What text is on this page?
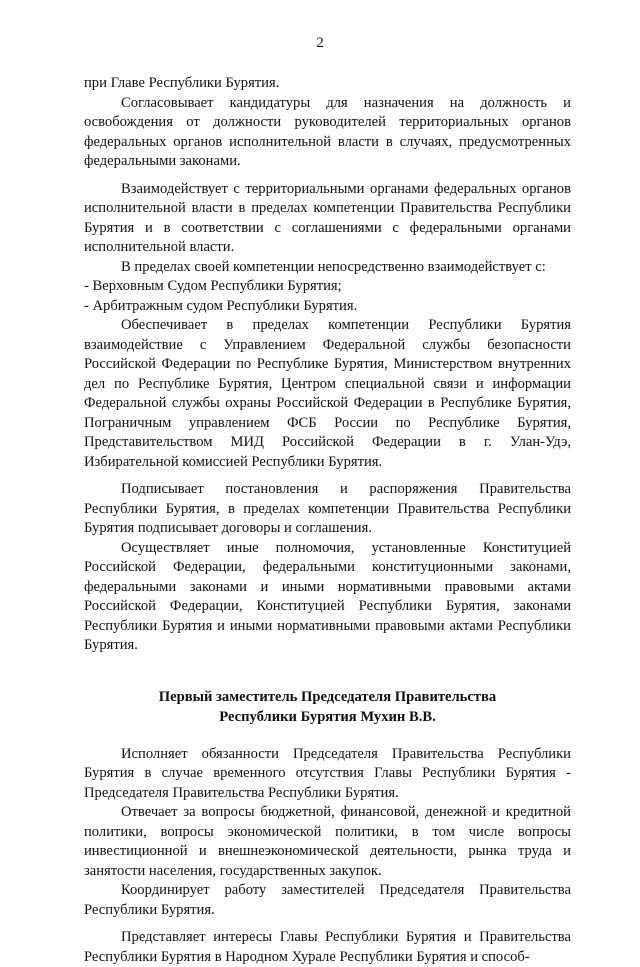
2

при Главе Республики Бурятия.

Согласовывает кандидатуры для назначения на должность и освобождения от должности руководителей территориальных органов федеральных органов исполнительной власти в случаях, предусмотренных федеральными законами.

Взаимодействует с территориальными органами федеральных органов исполнительной власти в пределах компетенции Правительства Республики Бурятия и в соответствии с соглашениями с федеральными органами исполнительной власти.

В пределах своей компетенции непосредственно взаимодействует с:

- Верховным Судом Республики Бурятия;

- Арбитражным судом Республики Бурятия.

Обеспечивает в пределах компетенции Республики Бурятия взаимодействие с Управлением Федеральной службы безопасности Российской Федерации по Республике Бурятия, Министерством внутренних дел по Республике Бурятия, Центром специальной связи и информации Федеральной службы охраны Российской Федерации в Республике Бурятия, Пограничным управлением ФСБ России по Республике Бурятия, Представительством МИД Российской Федерации в г. Улан-Удэ, Избирательной комиссией Республики Бурятия.

Подписывает постановления и распоряжения Правительства Республики Бурятия, в пределах компетенции Правительства Республики Бурятия подписывает договоры и соглашения.

Осуществляет иные полномочия, установленные Конституцией Российской Федерации, федеральными конституционными законами, федеральными законами и иными нормативными правовыми актами Российской Федерации, Конституцией Республики Бурятия, законами Республики Бурятия и иными нормативными правовыми актами Республики Бурятия.

Первый заместитель Председателя Правительства
Республики Бурятия Мухин В.В.

Исполняет обязанности Председателя Правительства Республики Бурятия в случае временного отсутствия Главы Республики Бурятия - Председателя Правительства Республики Бурятия.

Отвечает за вопросы бюджетной, финансовой, денежной и кредитной политики, вопросы экономической политики, в том числе вопросы инвестиционной и внешнеэкономической деятельности, рынка труда и занятости населения, государственных закупок.

Координирует работу заместителей Председателя Правительства Республики Бурятия.

Представляет интересы Главы Республики Бурятия и Правительства Республики Бурятия в Народном Хурале Республики Бурятия и способ-
